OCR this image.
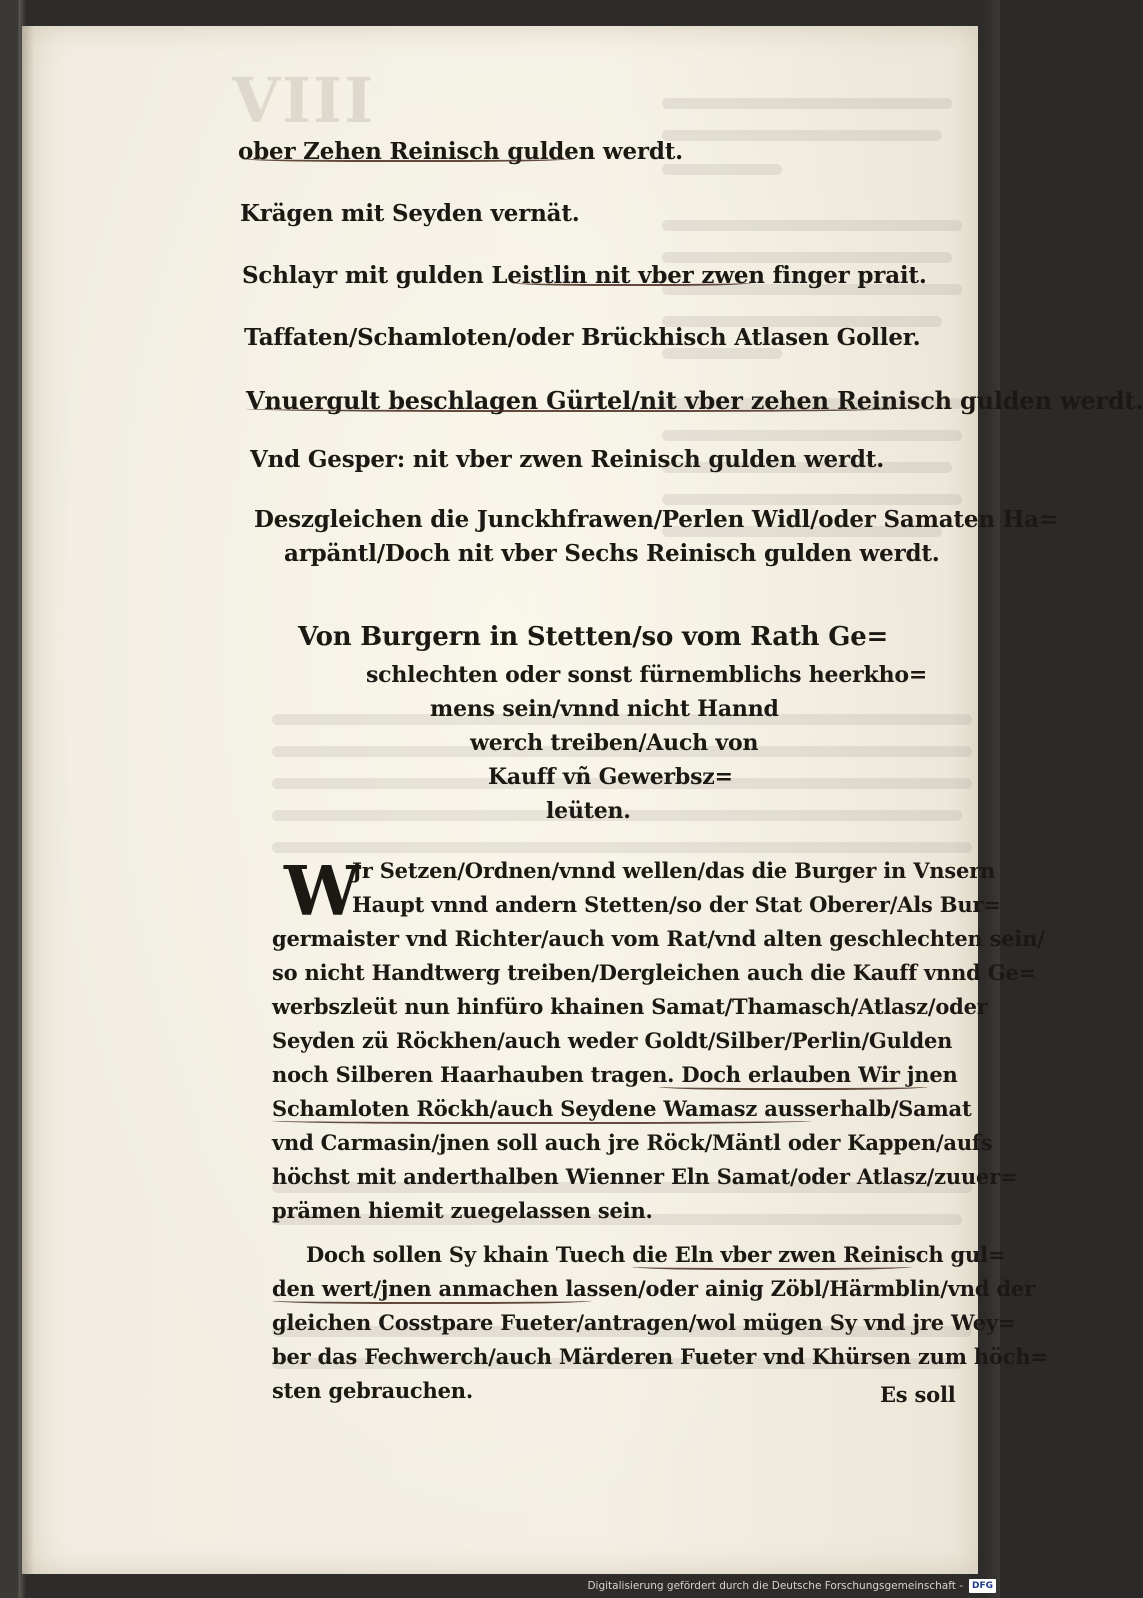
VIII

ober Zehen Reinisch gulden werdt.

Krägen mit Seyden vernät.

Schlayr mit gulden Leistlin nit vber zwen finger prait.

Taffaten/Schamloten/oder Brückhisch Atlasen Goller.

Vnuergult beschlagen Gürtel/nit vber zehen Reinisch gulden werdt.

Vnd Gesper: nit vber zwen Reinisch gulden werdt.

Deszgleichen die Junckhfrawen/Perlen Widl/oder Samaten Ha=

arpäntl/Doch nit vber Sechs Reinisch gulden werdt.

Von Burgern in Stetten/so vom Rath Ge=

schlechten oder sonst fürnemblichs heerkho=

mens sein/vnnd nicht Hannd

werch treiben/Auch von

Kauff vñ Gewerbsz=

leüten.

W

Jr Setzen/Ordnen/vnnd wellen/das die Burger in Vnsern

Haupt vnnd andern Stetten/so der Stat Oberer/Als Bur=

germaister vnd Richter/auch vom Rat/vnd alten geschlechten sein/

so nicht Handtwerg treiben/Dergleichen auch die Kauff vnnd Ge=

werbszleüt nun hinfüro khainen Samat/Thamasch/Atlasz/oder

Seyden zü Röckhen/auch weder Goldt/Silber/Perlin/Gulden

noch Silberen Haarhauben tragen. Doch erlauben Wir jnen

Schamloten Röckh/auch Seydene Wamasz ausserhalb/Samat

vnd Carmasin/jnen soll auch jre Röck/Mäntl oder Kappen/aufs

höchst mit anderthalben Wienner Eln Samat/oder Atlasz/zuuer=

prämen hiemit zuegelassen sein.

Doch sollen Sy khain Tuech die Eln vber zwen Reinisch gul=

den wert/jnen anmachen lassen/oder ainig Zöbl/Härmblin/vnd der

gleichen Cosstpare Fueter/antragen/wol mügen Sy vnd jre Wey=

ber das Fechwerch/auch Märderen Fueter vnd Khürsen zum höch=

sten gebrauchen.	Es soll

Digitalisierung gefördert durch die Deutsche Forschungsgemeinschaft -	DFG
